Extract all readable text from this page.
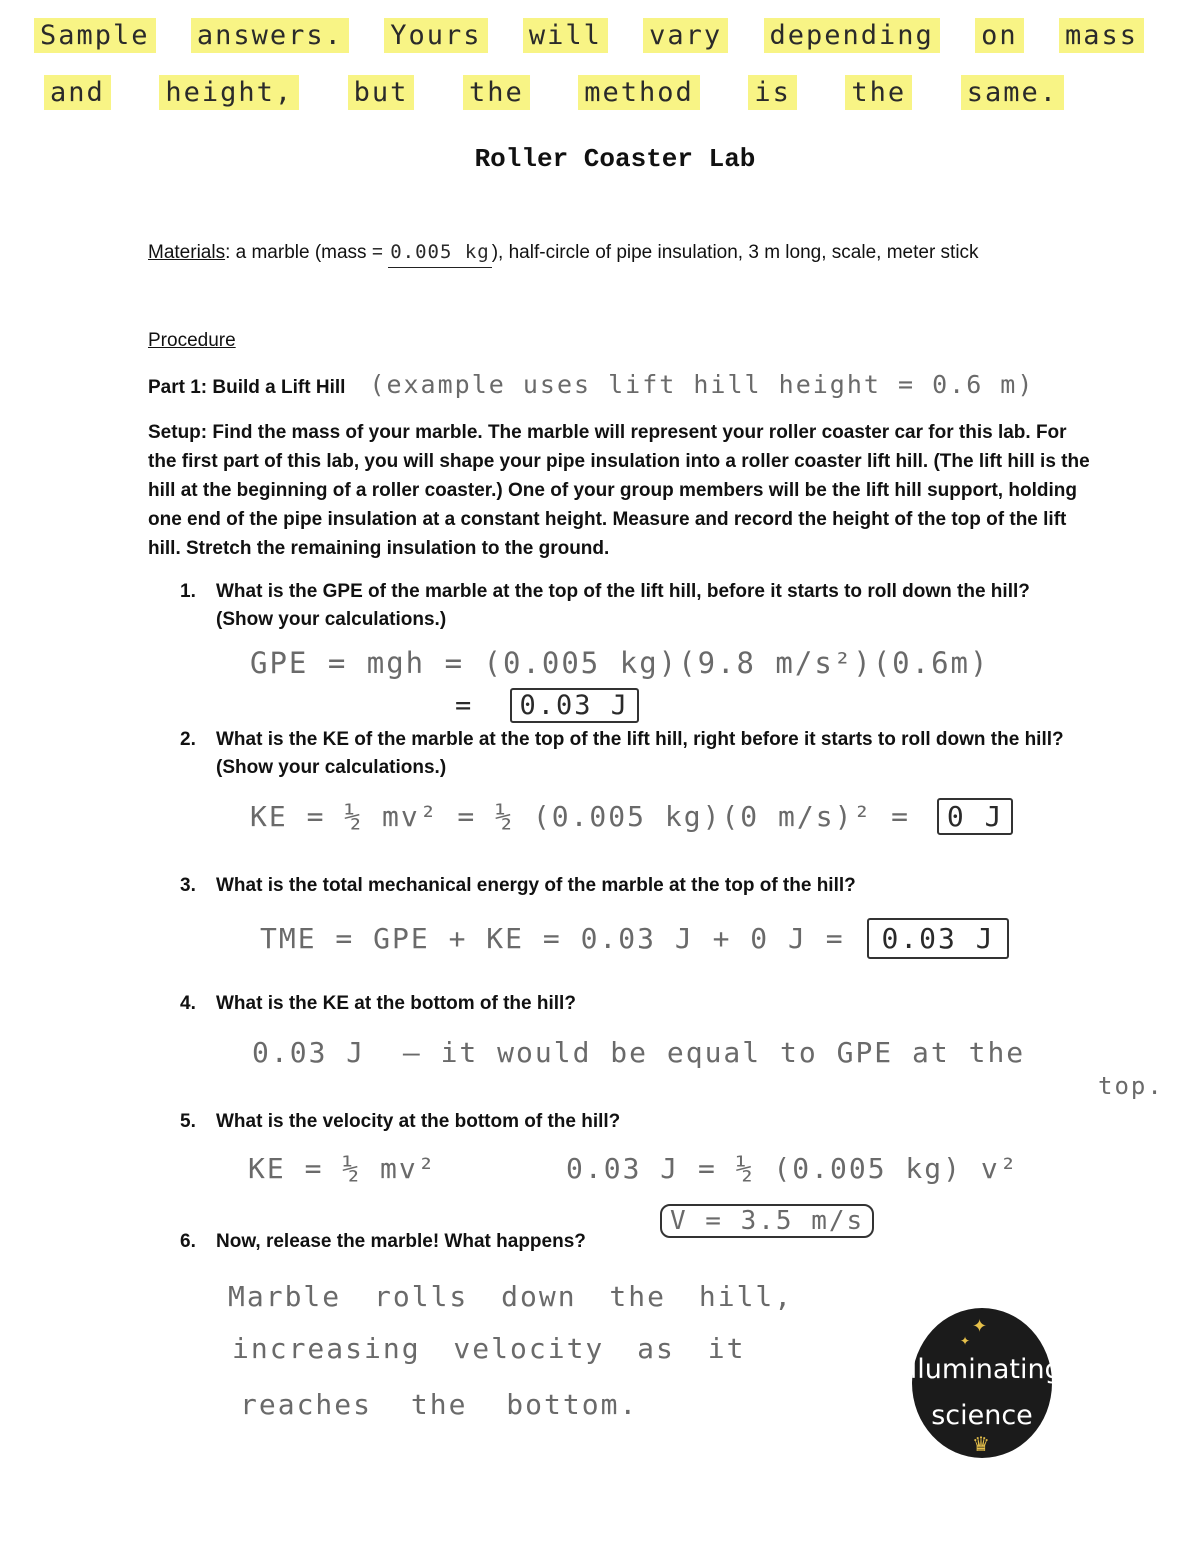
Sample answers. Yours will vary depending on mass
and height, but the method is the same.
Roller Coaster Lab
Materials: a marble (mass = 0.005 kg ), half-circle of pipe insulation, 3 m long, scale, meter stick
Procedure
Part 1: Build a Lift Hill (example uses lift hill height = 0.6 m)
Setup: Find the mass of your marble. The marble will represent your roller coaster car for this lab. For
the first part of this lab, you will shape your pipe insulation into a roller coaster lift hill. (The lift hill is the
hill at the beginning of a roller coaster.) One of your group members will be the lift hill support, holding
one end of the pipe insulation at a constant height. Measure and record the height of the top of the lift
hill. Stretch the remaining insulation to the ground.
1. What is the GPE of the marble at the top of the lift hill, before it starts to roll down the hill?
(Show your calculations.)
GPE = mgh = (0.005 kg)(9.8 m/s²)(0.6m)
= 0.03 J
2. What is the KE of the marble at the top of the lift hill, right before it starts to roll down the hill?
(Show your calculations.)
KE = ½ mv² = ½ (0.005 kg)(0 m/s)² = 0 J
3. What is the total mechanical energy of the marble at the top of the hill?
TME = GPE + KE = 0.03 J + 0 J = 0.03 J
4. What is the KE at the bottom of the hill?
0.03 J  – it would be equal to GPE at the
top.
5. What is the velocity at the bottom of the hill?
KE = ½ mv²	0.03 J = ½ (0.005 kg) v²
V = 3.5 m/s
6. Now, release the marble! What happens?
Marble rolls down the hill,
increasing velocity as it
reaches the bottom.
✦
✦
illuminating
science
♛
